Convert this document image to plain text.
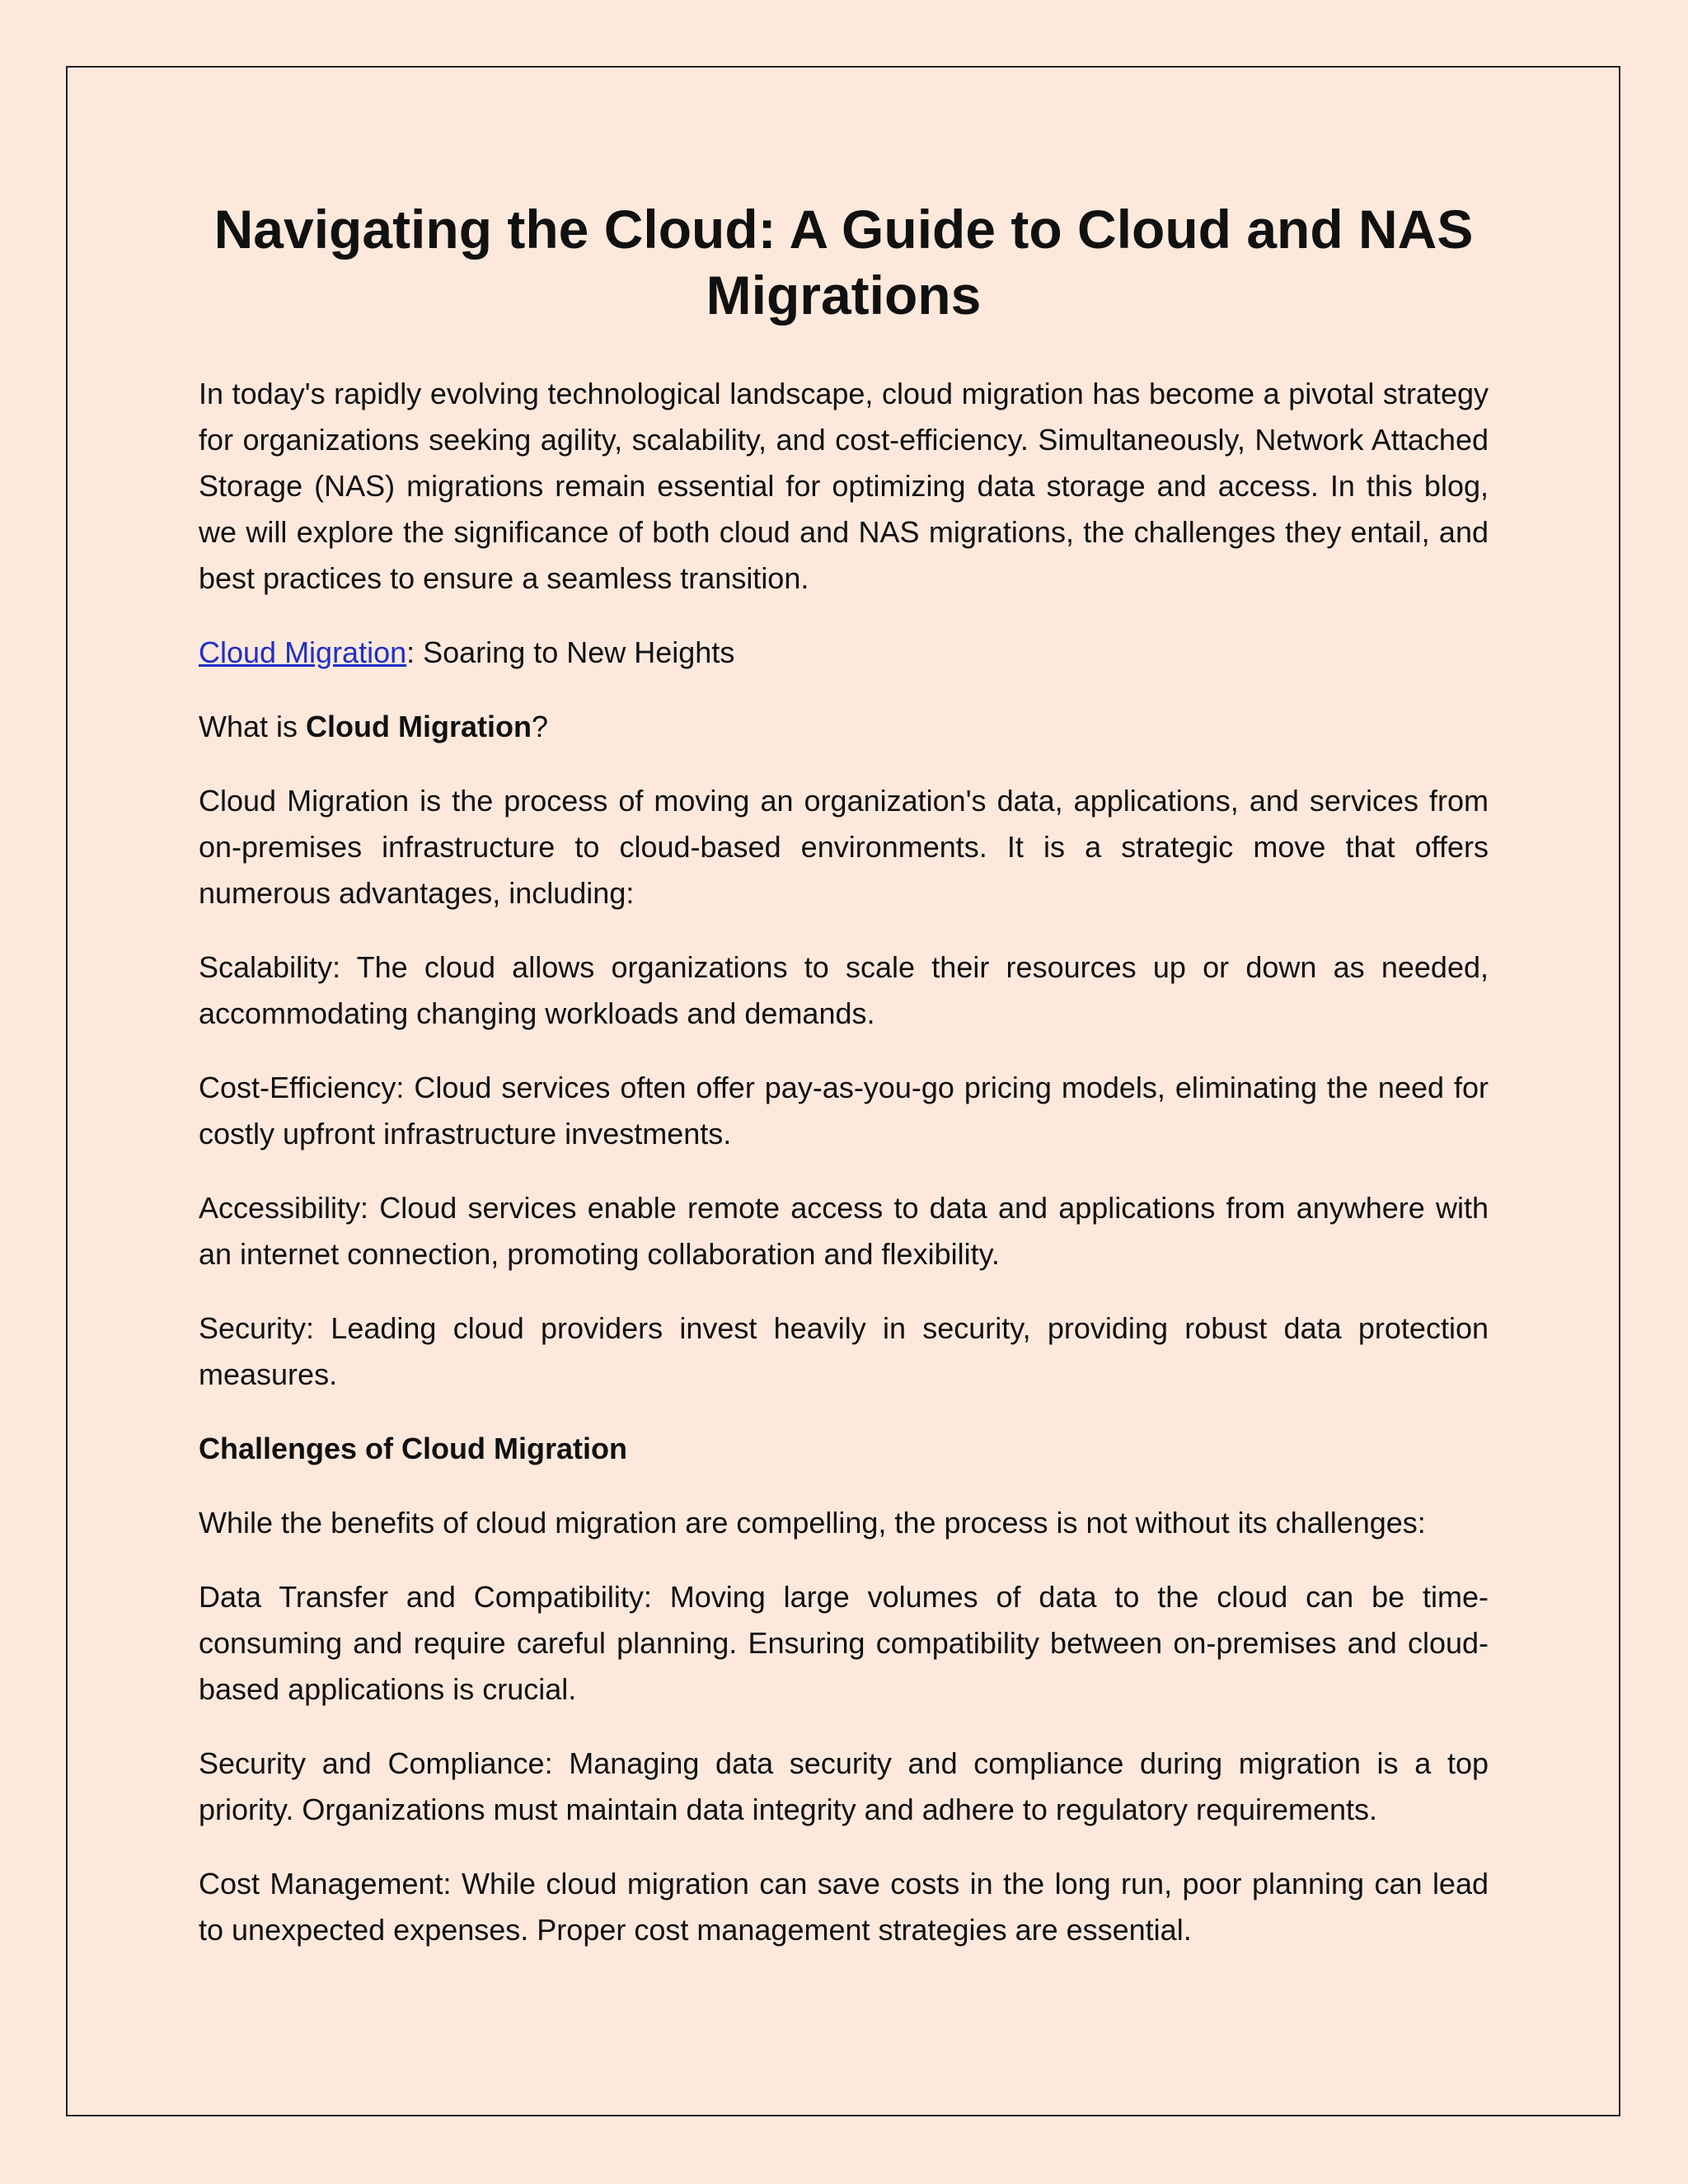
Navigating the Cloud: A Guide to Cloud and NAS Migrations

In today's rapidly evolving technological landscape, cloud migration has become a pivotal strategy for organizations seeking agility, scalability, and cost-efficiency. Simultaneously, Network Attached Storage (NAS) migrations remain essential for optimizing data storage and access. In this blog, we will explore the significance of both cloud and NAS migrations, the challenges they entail, and best practices to ensure a seamless transition.

Cloud Migration: Soaring to New Heights

What is Cloud Migration?

Cloud Migration is the process of moving an organization's data, applications, and services from on-premises infrastructure to cloud-based environments. It is a strategic move that offers numerous advantages, including:

Scalability: The cloud allows organizations to scale their resources up or down as needed, accommodating changing workloads and demands.

Cost-Efficiency: Cloud services often offer pay-as-you-go pricing models, eliminating the need for costly upfront infrastructure investments.

Accessibility: Cloud services enable remote access to data and applications from anywhere with an internet connection, promoting collaboration and flexibility.

Security: Leading cloud providers invest heavily in security, providing robust data protection measures.

Challenges of Cloud Migration

While the benefits of cloud migration are compelling, the process is not without its challenges:

Data Transfer and Compatibility: Moving large volumes of data to the cloud can be time-consuming and require careful planning. Ensuring compatibility between on-premises and cloud-based applications is crucial.

Security and Compliance: Managing data security and compliance during migration is a top priority. Organizations must maintain data integrity and adhere to regulatory requirements.

Cost Management: While cloud migration can save costs in the long run, poor planning can lead to unexpected expenses. Proper cost management strategies are essential.
